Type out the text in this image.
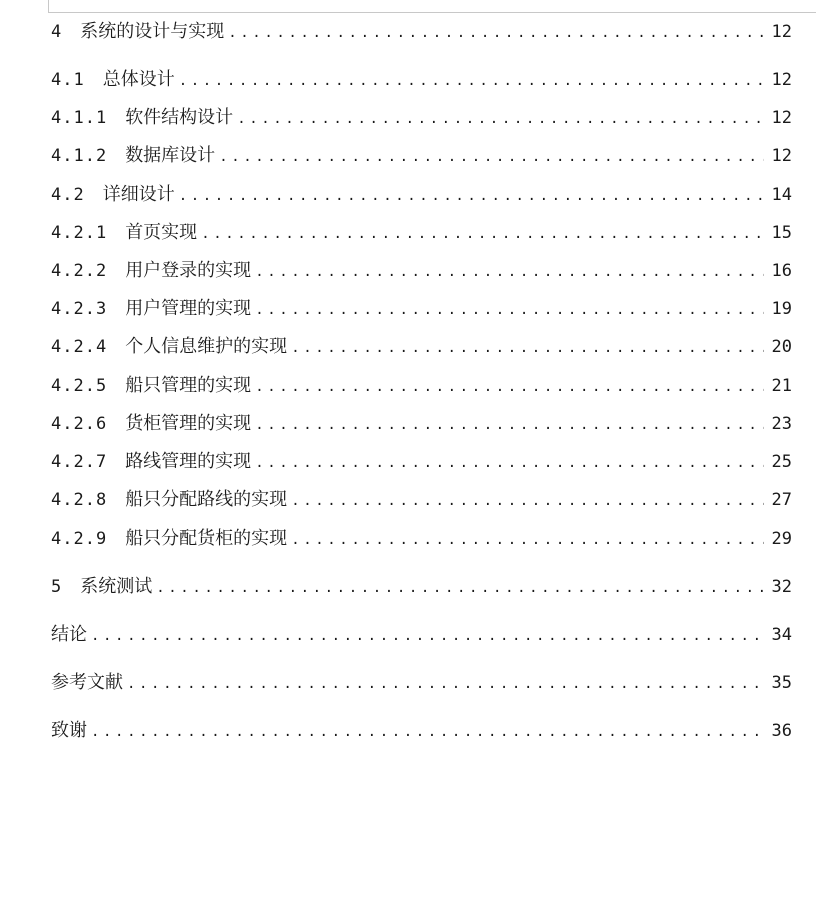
4 系统的设计与实现 .....	12
4.1 总体设计 .....	12
4.1.1 软件结构设计 .....	12
4.1.2 数据库设计 .....	12
4.2 详细设计 .....	14
4.2.1 首页实现 .....	15
4.2.2 用户登录的实现 .....	16
4.2.3 用户管理的实现 .....	19
4.2.4 个人信息维护的实现 .....	20
4.2.5 船只管理的实现 .....	21
4.2.6 货柜管理的实现 .....	23
4.2.7 路线管理的实现 .....	25
4.2.8 船只分配路线的实现 .....	27
4.2.9 船只分配货柜的实现 .....	29
5 系统测试 .....	32
结论 .....	34
参考文献 .....	35
致谢 .....	36
